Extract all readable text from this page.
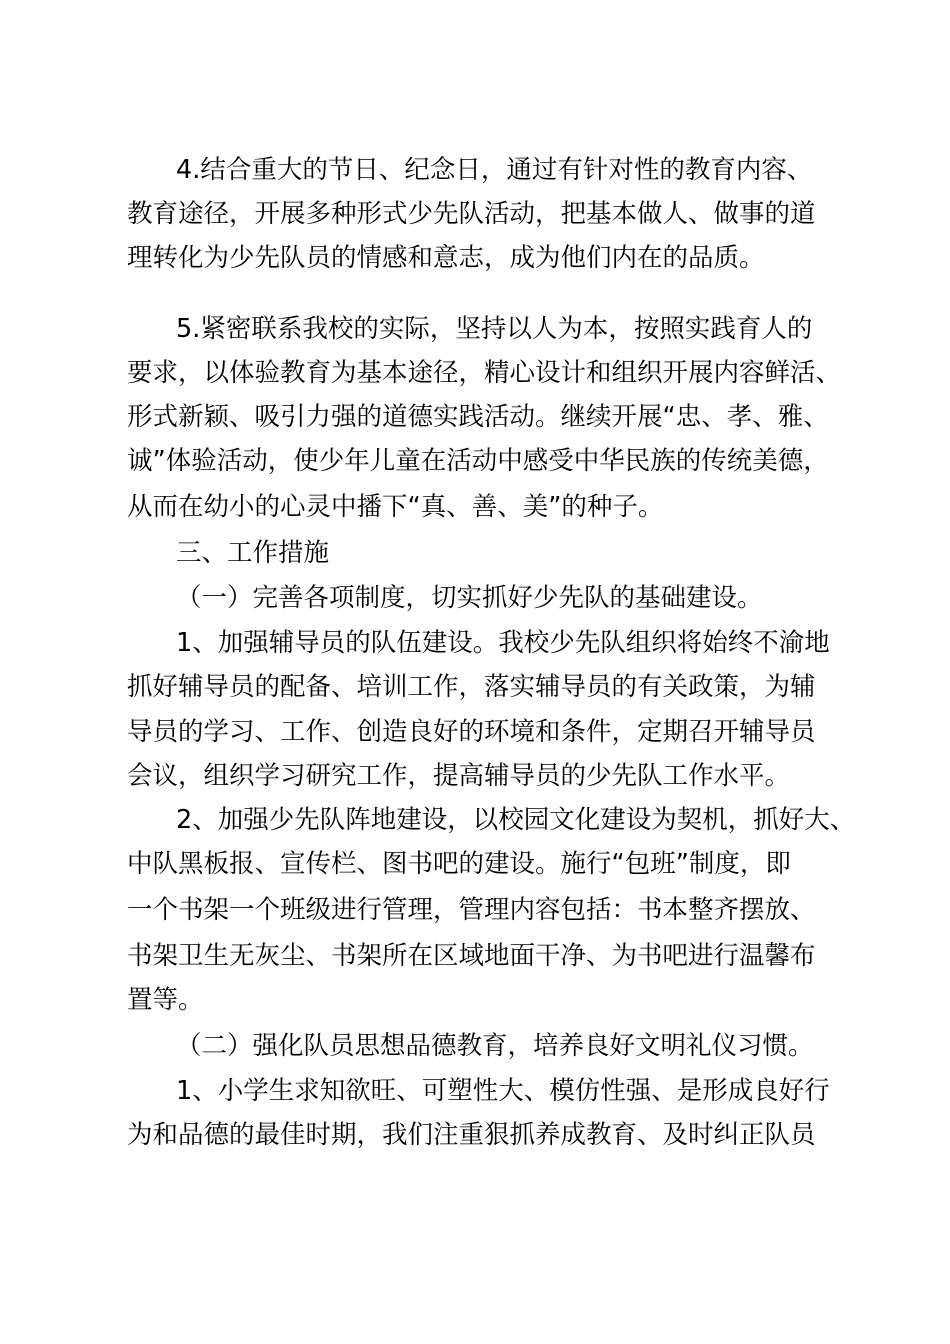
4.结合重大的节日、纪念日，通过有针对性的教育内容、
教育途径，开展多种形式少先队活动，把基本做人、做事的道
理转化为少先队员的情感和意志，成为他们内在的品质。
5.紧密联系我校的实际，坚持以人为本，按照实践育人的
要求，以体验教育为基本途径，精心设计和组织开展内容鲜活、
形式新颖、吸引力强的道德实践活动。继续开展“忠、孝、雅、
诚”体验活动，使少年儿童在活动中感受中华民族的传统美德，
从而在幼小的心灵中播下“真、善、美”的种子。
三、工作措施
（一）完善各项制度，切实抓好少先队的基础建设。
1、加强辅导员的队伍建设。我校少先队组织将始终不渝地
抓好辅导员的配备、培训工作，落实辅导员的有关政策，为辅
导员的学习、工作、创造良好的环境和条件，定期召开辅导员
会议，组织学习研究工作，提高辅导员的少先队工作水平。
2、加强少先队阵地建设，以校园文化建设为契机，抓好大、
中队黑板报、宣传栏、图书吧的建设。施行“包班”制度，即
一个书架一个班级进行管理，管理内容包括：书本整齐摆放、
书架卫生无灰尘、书架所在区域地面干净、为书吧进行温馨布
置等。
（二）强化队员思想品德教育，培养良好文明礼仪习惯。
1、小学生求知欲旺、可塑性大、模仿性强、是形成良好行
为和品德的最佳时期，我们注重狠抓养成教育、及时纠正队员
